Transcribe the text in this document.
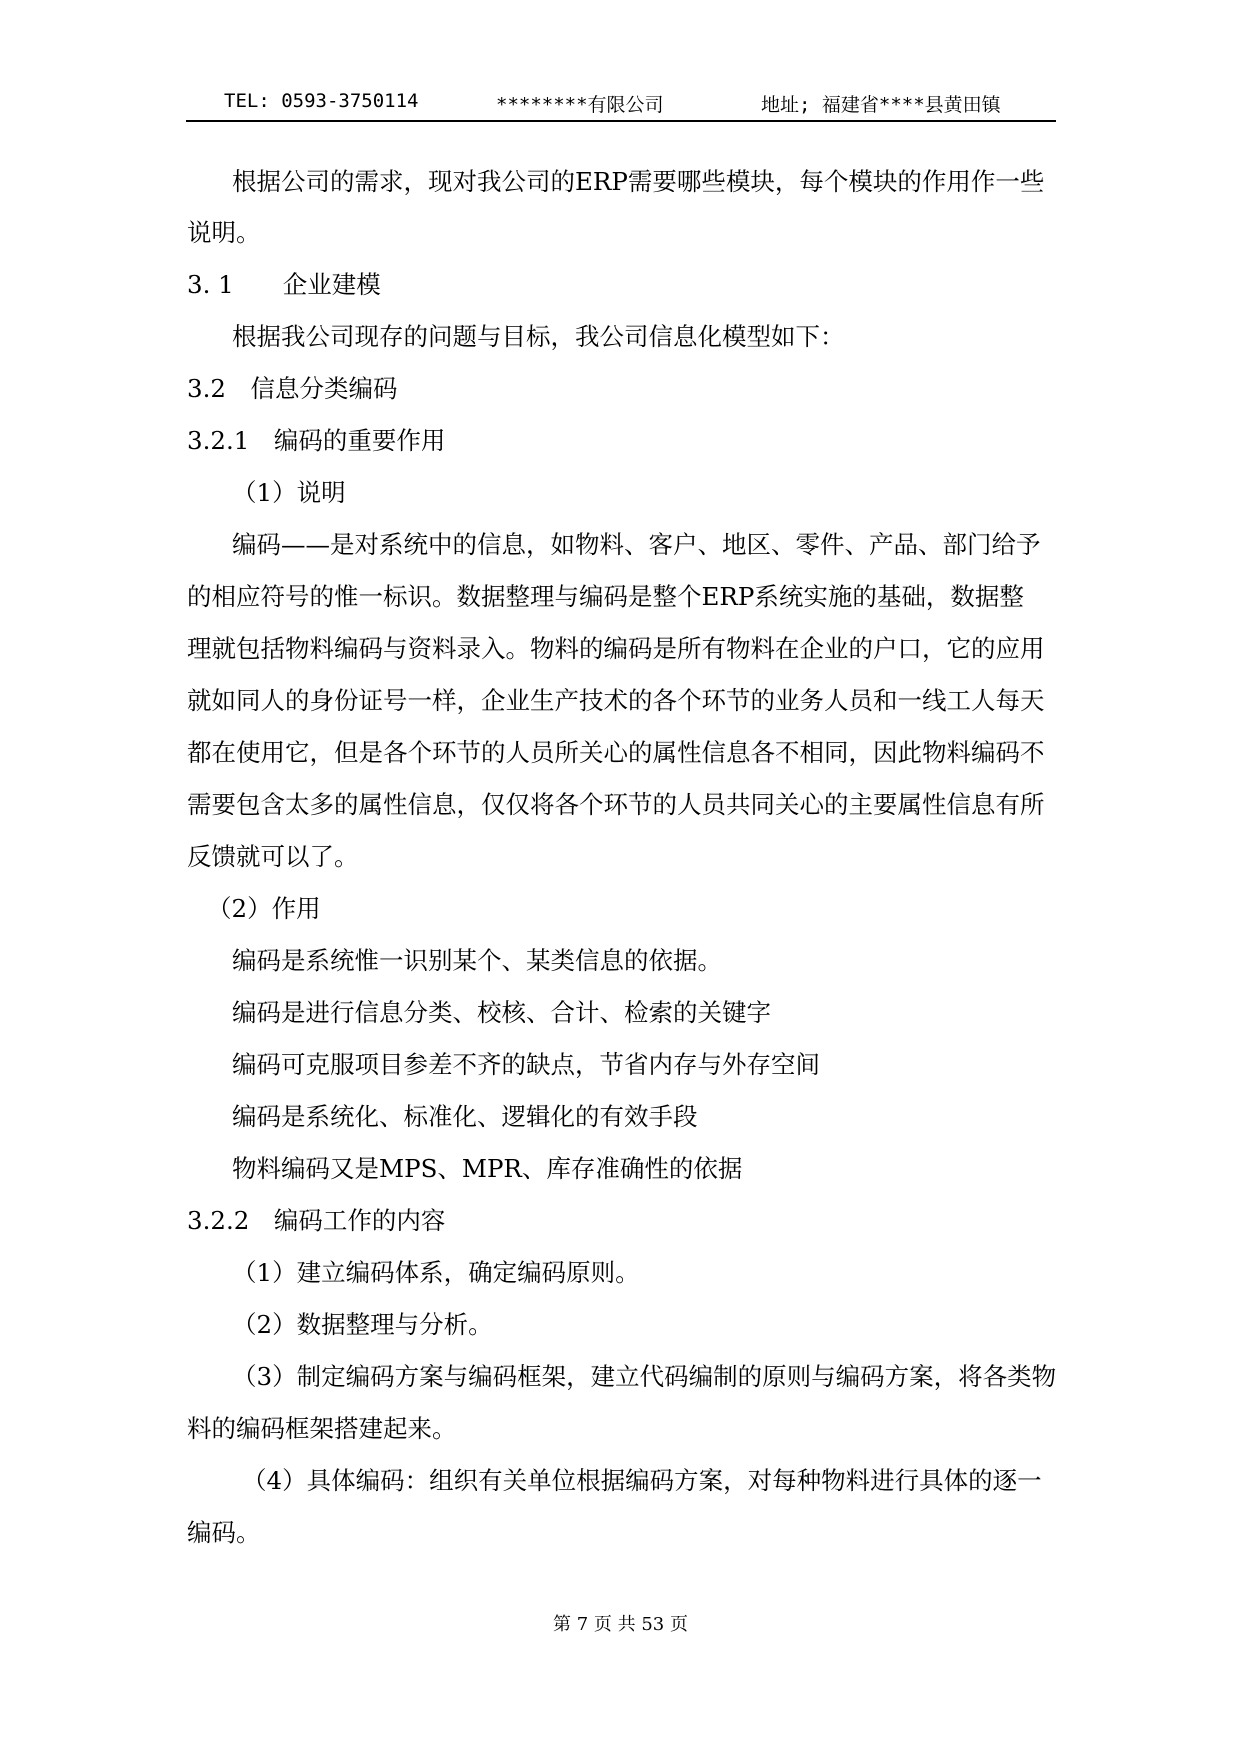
TEL: 0593-3750114	********有限公司	地址; 福建省****县黄田镇
根据公司的需求，现对我公司的ERP需要哪些模块，每个模块的作用作一些
说明。
3. 1　　企业建模
根据我公司现存的问题与目标，我公司信息化模型如下：
3.2　信息分类编码
3.2.1　编码的重要作用
（1）说明
编码——是对系统中的信息，如物料、客户、地区、零件、产品、部门给予
的相应符号的惟一标识。数据整理与编码是整个ERP系统实施的基础，数据整
理就包括物料编码与资料录入。物料的编码是所有物料在企业的户口，它的应用
就如同人的身份证号一样，企业生产技术的各个环节的业务人员和一线工人每天
都在使用它，但是各个环节的人员所关心的属性信息各不相同，因此物料编码不
需要包含太多的属性信息，仅仅将各个环节的人员共同关心的主要属性信息有所
反馈就可以了。
（2）作用
编码是系统惟一识别某个、某类信息的依据。
编码是进行信息分类、校核、合计、检索的关键字
编码可克服项目参差不齐的缺点，节省内存与外存空间
编码是系统化、标准化、逻辑化的有效手段
物料编码又是MPS、MPR、库存准确性的依据
3.2.2　编码工作的内容
（1）建立编码体系，确定编码原则。
（2）数据整理与分析。
（3）制定编码方案与编码框架，建立代码编制的原则与编码方案，将各类物
料的编码框架搭建起来。
（4）具体编码：组织有关单位根据编码方案，对每种物料进行具体的逐一
编码。
第 7 页 共 53 页
